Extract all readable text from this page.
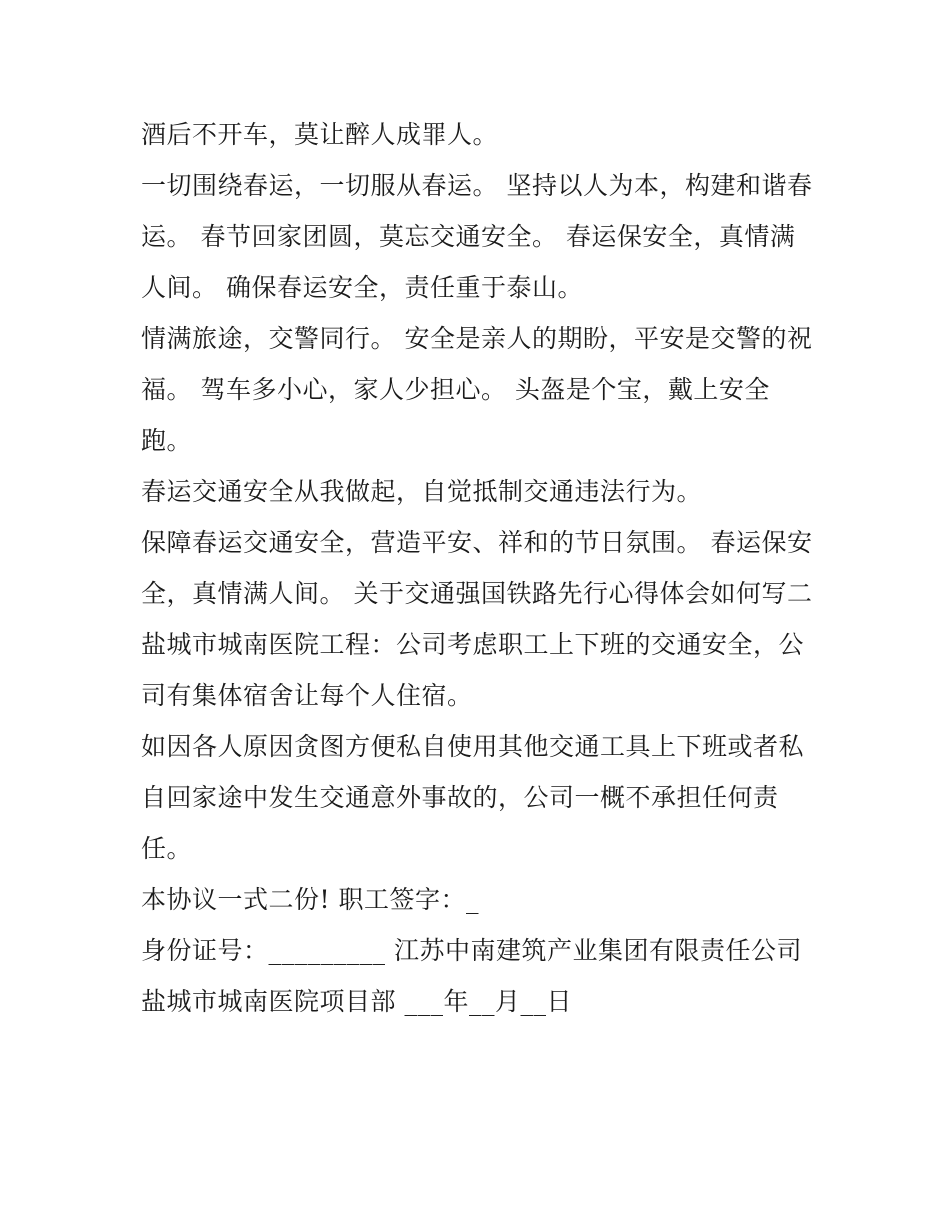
酒后不开车，莫让醉人成罪人。

一切围绕春运，一切服从春运。 坚持以人为本，构建和谐春运。 春节回家团圆，莫忘交通安全。 春运保安全，真情满人间。 确保春运安全，责任重于泰山。

情满旅途，交警同行。 安全是亲人的期盼，平安是交警的祝福。 驾车多小心，家人少担心。 头盔是个宝，戴上安全跑。

春运交通安全从我做起，自觉抵制交通违法行为。

保障春运交通安全，营造平安、祥和的节日氛围。 春运保安全，真情满人间。 关于交通强国铁路先行心得体会如何写二盐城市城南医院工程：公司考虑职工上下班的交通安全，公司有集体宿舍让每个人住宿。

如因各人原因贪图方便私自使用其他交通工具上下班或者私自回家途中发生交通意外事故的，公司一概不承担任何责任。

本协议一式二份! 职工签字：_

身份证号：_________ 江苏中南建筑产业集团有限责任公司 盐城市城南医院项目部 ___年__月__日
